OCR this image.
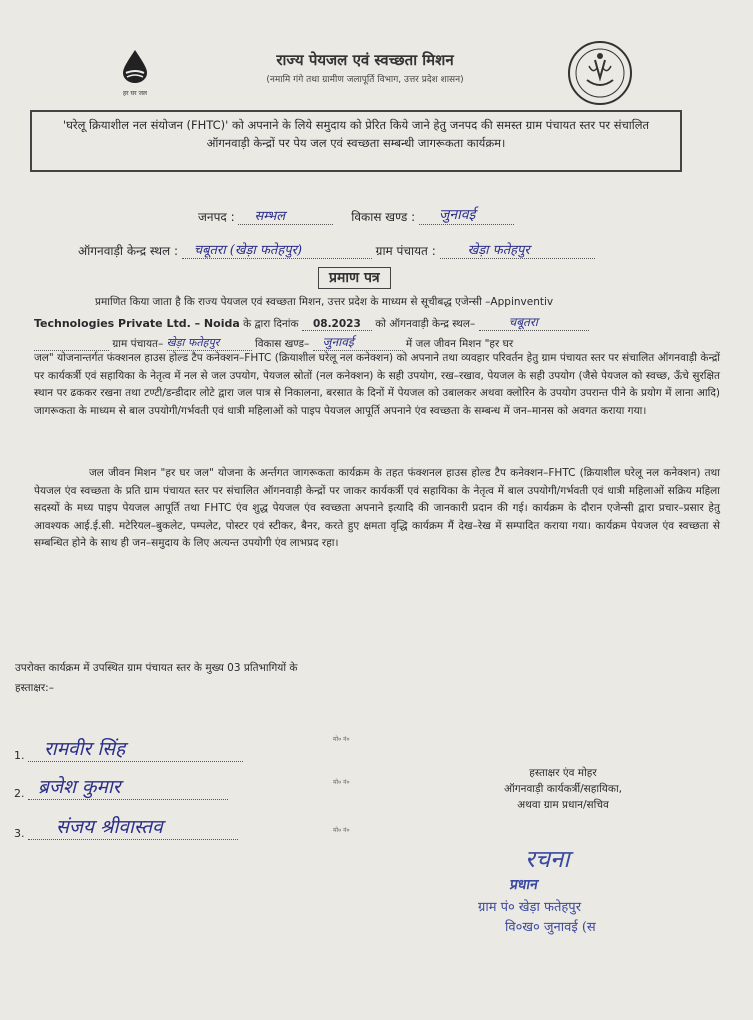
हर घर जल
राज्य पेयजल एवं स्वच्छता मिशन
(नमामि गंगे तथा ग्रामीण जलापूर्ति विभाग, उत्तर प्रदेश शासन)
'घरेलू क्रियाशील नल संयोजन (FHTC)' को अपनाने के लिये समुदाय को प्रेरित किये जाने हेतु जनपद की समस्त ग्राम पंचायत स्तर पर संचालित ऑगनवाड़ी केन्द्रों पर पेय जल एवं स्वच्छता सम्बन्धी जागरूकता कार्यक्रम।
जनपद : सम्भल	विकास खण्ड : जुनावई
ऑगनवाड़ी केन्द्र स्थल : चबूतरा (खेड़ा फतेहपुर)	ग्राम पंचायत : खेड़ा फतेहपुर
प्रमाण पत्र
प्रमाणित किया जाता है कि राज्य पेयजल एवं स्वच्छता मिशन, उत्तर प्रदेश के माध्यम से सूचीबद्ध एजेन्सी –Appinventiv
Technologies Private Ltd. – Noida के द्वारा दिनांक 08.2023 को ऑगनवाड़ी केन्द्र स्थल–	चबूतरा
ग्राम पंचायत– खेड़ा फतेहपुर	विकास खण्ड– जुनावई	में जल जीवन मिशन "हर घर
जल" योजनान्तर्गत फंक्शनल हाउस होल्ड टैप कनेक्शन–FHTC (क्रियाशील घरेलू नल कनेक्शन) को अपनाने तथा व्यवहार परिवर्तन हेतु ग्राम पंचायत स्तर पर संचालित ऑगनवाड़ी केन्द्रों पर कार्यकर्त्री एवं सहायिका के नेतृत्व में नल से जल उपयोग, पेयजल स्रोतों (नल कनेक्शन) के सही उपयोग, रख–रखाव, पेयजल के सही उपयोग (जैसे पेयजल को स्वच्छ, ऊँचे सुरक्षित स्थान पर ढककर रखना तथा टण्टी/डन्डीदार लोटे द्वारा जल पात्र से निकालना, बरसात के दिनों में पेयजल को उबालकर अथवा क्लोरिन के उपयोग उपरान्त पीने के प्रयोग में लाना आदि) जागरूकता के माध्यम से बाल उपयोगी/गर्भवती एवं धात्री महिलाओं को पाइप पेयजल आपूर्ति अपनाने एंव स्वच्छता के सम्बन्ध में जन–मानस को अवगत कराया गया।
जल जीवन मिशन "हर घर जल" योजना के अर्न्तगत जागरूकता कार्यक्रम के तहत फंक्शनल हाउस होल्ड टैप कनेक्शन–FHTC (क्रियाशील घरेलू नल कनेक्शन) तथा पेयजल एंव स्वच्छता के प्रति ग्राम पंचायत स्तर पर संचालित ऑगनवाड़ी केन्द्रों पर जाकर कार्यकर्त्री एवं सहायिका के नेतृत्व में बाल उपयोगी/गर्भवती एवं धात्री महिलाओं सक्रिय महिला सदस्यों के मध्य पाइप पेयजल आपूर्ति तथा FHTC एंव शुद्ध पेयजल एंव स्वच्छता अपनाने इत्यादि की जानकारी प्रदान की गई। कार्यक्रम के दौरान एजेन्सी द्वारा प्रचार–प्रसार हेतु आवश्यक आई.ई.सी. मटेरियल–बुकलेट, पम्पलेट, पोस्टर एवं स्टीकर, बैनर, करते हुए क्षमता वृद्धि कार्यक्रम मैं देख–रेख में सम्पादित कराया गया। कार्यक्रम पेयजल एंव स्वच्छता से सम्बन्धित होने के साथ ही जन–समुदाय के लिए अत्यन्त उपयोगी एंव लाभप्रद रहा।
उपरोक्त कार्यक्रम में उपस्थित ग्राम पंचायत स्तर के मुख्य 03 प्रतिभागियों के
हस्ताक्षर:–
1. रामवीर सिंह	मो० नं०
2. ब्रजेश कुमार	मो० नं०
3. संजय श्रीवास्तव	मो० नं०
हस्ताक्षर एंव मोहर
ऑगनवाड़ी कार्यकर्त्री/सहायिका,
अथवा ग्राम प्रधान/सचिव
रचना
प्रधान
ग्राम पं० खेड़ा फतेहपुर
वि०ख० जुनावई (स
